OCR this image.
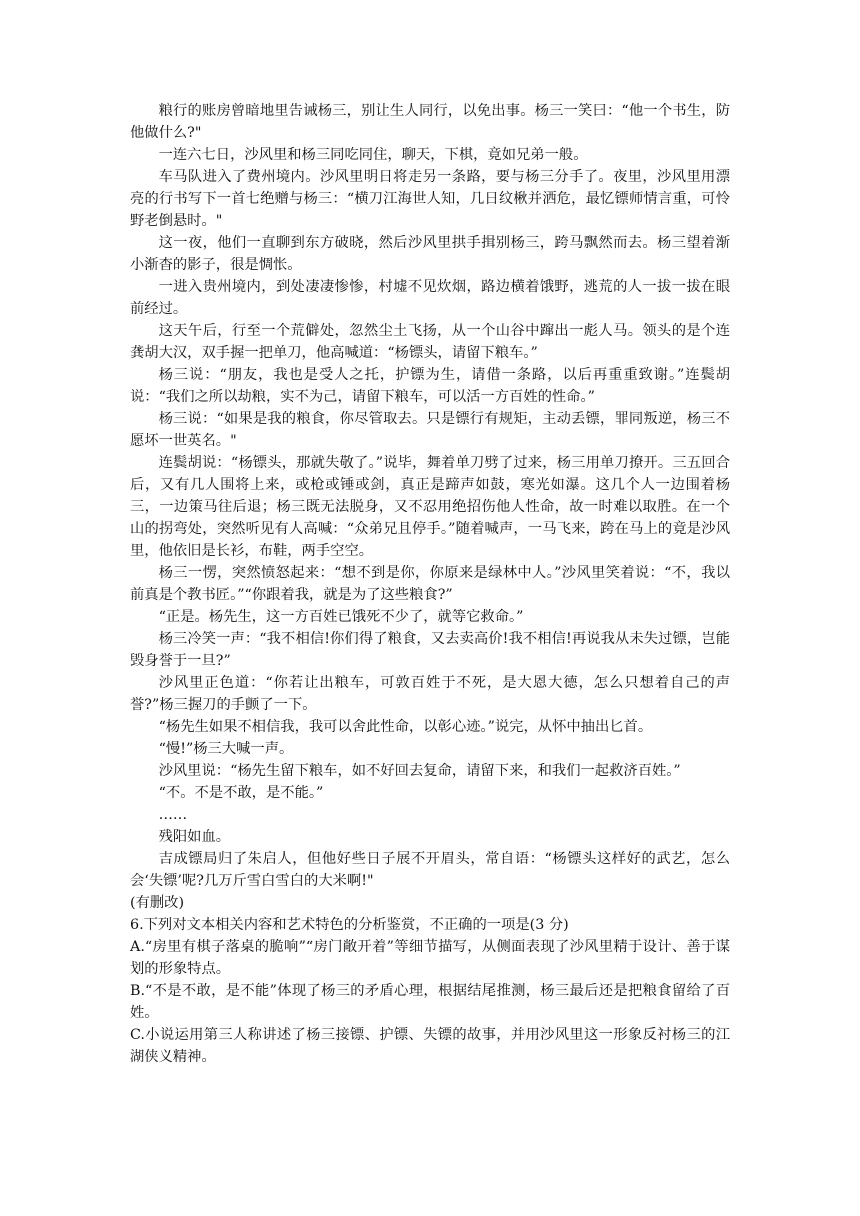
粮行的账房曾暗地里告诫杨三，别让生人同行，以免出事。杨三一笑曰：“他一个书生，防他做什么?"

一连六七日，沙风里和杨三同吃同住，聊天，下棋，竟如兄弟一般。

车马队进入了费州境内。沙风里明日将走另一条路，要与杨三分手了。夜里，沙风里用漂亮的行书写下一首七绝赠与杨三：“横刀江海世人知，几日纹楸并洒危，最忆镖师情言重，可怜野老倒悬时。"

这一夜，他们一直聊到东方破晓，然后沙风里拱手揖别杨三，跨马飘然而去。杨三望着渐小渐杳的影子，很是惆怅。

一进入贵州境内，到处凄凄惨惨，村墟不见炊烟，路边横着饿野，逃荒的人一拔一拔在眼前经过。

这天午后，行至一个荒僻处，忽然尘土飞扬，从一个山谷中蹿出一彪人马。领头的是个连龚胡大汉，双手握一把单刀，他高喊道：“杨镖头，请留下粮车。”

杨三说：“朋友，我也是受人之托，护镖为生，请借一条路，以后再重重致谢。”连鬓胡说：“我们之所以劫粮，实不为己，请留下粮车，可以活一方百姓的性命。”

杨三说：“如果是我的粮食，你尽管取去。只是镖行有规矩，主动丢镖，罪同叛逆，杨三不愿坏一世英名。"

连鬓胡说：“杨镖头，那就失敬了。”说毕，舞着单刀劈了过来，杨三用单刀撩开。三五回合后，又有几人围将上来，或枪或锤或剑，真正是蹄声如鼓，寒光如瀑。这几个人一边围着杨三，一边策马往后退；杨三既无法脱身，又不忍用绝招伤他人性命，故一时难以取胜。在一个山的拐弯处，突然听见有人高喊：“众弟兄且停手。”随着喊声，一马飞来，跨在马上的竟是沙风里，他依旧是长衫，布鞋，两手空空。

杨三一愣，突然愤怒起来：“想不到是你，你原来是绿林中人。”沙风里笑着说：“不，我以前真是个教书匠。”“你跟着我，就是为了这些粮食?”

“正是。杨先生，这一方百姓已饿死不少了，就等它救命。”

杨三冷笑一声：“我不相信!你们得了粮食，又去卖高价!我不相信!再说我从未失过镖，岂能毁身誉于一旦?”

沙风里正色道：“你若让出粮车，可敦百姓于不死，是大恩大德，怎么只想着自己的声誉?”杨三握刀的手颤了一下。

“杨先生如果不相信我，我可以舍此性命，以彰心迹。”说完，从怀中抽出匕首。

“慢!”杨三大喊一声。

沙风里说：“杨先生留下粮车，如不好回去复命，请留下来，和我们一起救济百姓。”

“不。不是不敢，是不能。”

……

残阳如血。

吉成镖局归了朱启人，但他好些日子展不开眉头，常自语：“杨镖头这样好的武艺，怎么会‘失镖’呢?几万斤雪白雪白的大米啊!"

(有删改)

6.下列对文本相关内容和艺术特色的分析鉴赏，不正确的一项是(3 分)

A.“房里有棋子落桌的脆响”“房门敞开着”等细节描写，从侧面表现了沙风里精于设计、善于谋划的形象特点。

B.“不是不敢，是不能”体现了杨三的矛盾心理，根据结尾推测，杨三最后还是把粮食留给了百姓。

C.小说运用第三人称讲述了杨三接镖、护镖、失镖的故事，并用沙风里这一形象反衬杨三的江湖侠义精神。
